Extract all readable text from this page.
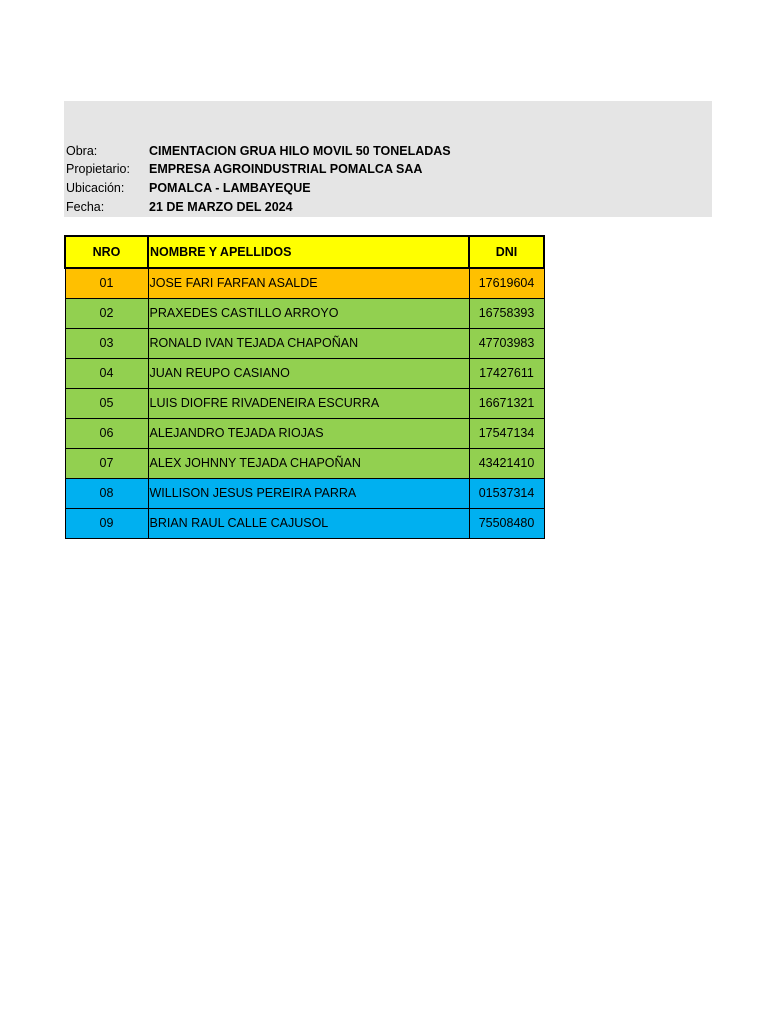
Obra:	CIMENTACION GRUA HILO MOVIL 50 TONELADAS
Propietario: EMPRESA AGROINDUSTRIAL POMALCA SAA
Ubicación: POMALCA - LAMBAYEQUE
Fecha:	21 DE MARZO DEL 2024
NRO	NOMBRE Y APELLIDOS	DNI
01	JOSE FARI FARFAN ASALDE	17619604
02	PRAXEDES CASTILLO ARROYO	16758393
03	RONALD IVAN TEJADA CHAPOÑAN	47703983
04	JUAN REUPO CASIANO	17427611
05	LUIS DIOFRE RIVADENEIRA ESCURRA	16671321
06	ALEJANDRO TEJADA RIOJAS	17547134
07	ALEX JOHNNY TEJADA CHAPOÑAN	43421410
08	WILLISON JESUS PEREIRA PARRA	01537314
09	BRIAN RAUL CALLE CAJUSOL	75508480
